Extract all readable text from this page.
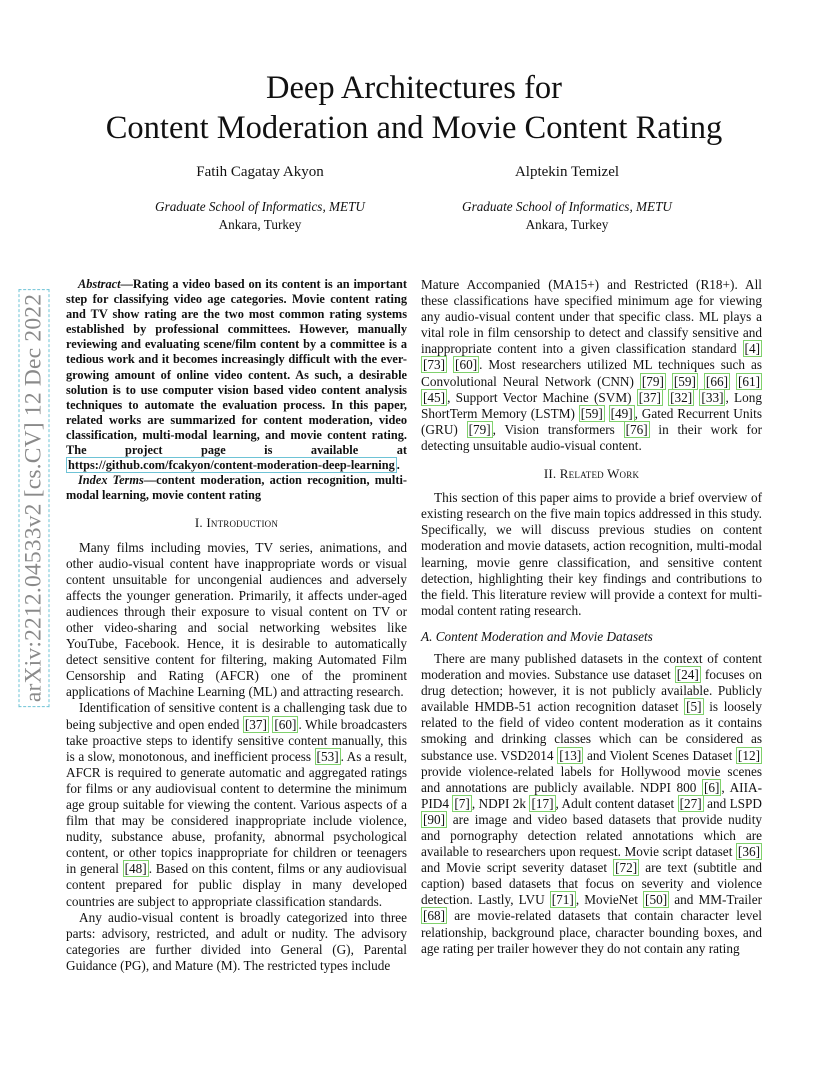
arXiv:2212.04533v2 [cs.CV] 12 Dec 2022
Deep Architectures for
Content Moderation and Movie Content Rating
Fatih Cagatay Akyon
Graduate School of Informatics, METU
Ankara, Turkey
Alptekin Temizel
Graduate School of Informatics, METU
Ankara, Turkey

Abstract—Rating a video based on its content is an important step for classifying video age categories. Movie content rating and TV show rating are the two most common rating systems established by professional committees. However, manually reviewing and evaluating scene/film content by a committee is a tedious work and it becomes increasingly difficult with the ever-growing amount of online video content. As such, a desirable solution is to use computer vision based video content analysis techniques to automate the evaluation process. In this paper, related works are summarized for content moderation, video classification, multi-modal learning, and movie content rating. The project page is available at https://github.com/fcakyon/content-moderation-deep-learning .

Index Terms—content moderation, action recognition, multi-modal learning, movie content rating

I. Introduction

Many films including movies, TV series, animations, and other audio-visual content have inappropriate words or visual content unsuitable for uncongenial audiences and adversely affects the younger generation. Primarily, it affects under-aged audiences through their exposure to visual content on TV or other video-sharing and social networking websites like YouTube, Facebook. Hence, it is desirable to automatically detect sensitive content for filtering, making Automated Film Censorship and Rating (AFCR) one of the prominent applications of Machine Learning (ML) and attracting research.

Identification of sensitive content is a challenging task due to being subjective and open ended [37] [60] . While broadcasters take proactive steps to identify sensitive content manually, this is a slow, monotonous, and inefficient process [53] . As a result, AFCR is required to generate automatic and aggregated ratings for films or any audiovisual content to determine the minimum age group suitable for viewing the content. Various aspects of a film that may be considered inappropriate include violence, nudity, substance abuse, profanity, abnormal psychological content, or other topics inappropriate for children or teenagers in general [48] . Based on this content, films or any audiovisual content prepared for public display in many developed countries are subject to appropriate classification standards.

Any audio-visual content is broadly categorized into three parts: advisory, restricted, and adult or nudity. The advisory categories are further divided into General (G), Parental Guidance (PG), and Mature (M). The restricted types include

Mature Accompanied (MA15+) and Restricted (R18+). All these classifications have specified minimum age for viewing any audio-visual content under that specific class. ML plays a vital role in film censorship to detect and classify sensitive and inappropriate content into a given classification standard [4] [73] [60] . Most researchers utilized ML techniques such as Convolutional Neural Network (CNN) [79] [59] [66] [61] [45] , Support Vector Machine (SVM) [37] [32] [33] , Long ShortTerm Memory (LSTM) [59] [49] , Gated Recurrent Units (GRU) [79] , Vision transformers [76] in their work for detecting unsuitable audio-visual content.

II. Related Work

This section of this paper aims to provide a brief overview of existing research on the five main topics addressed in this study. Specifically, we will discuss previous studies on content moderation and movie datasets, action recognition, multi-modal learning, movie genre classification, and sensitive content detection, highlighting their key findings and contributions to the field. This literature review will provide a context for multi-modal content rating research.

A. Content Moderation and Movie Datasets

There are many published datasets in the context of content moderation and movies. Substance use dataset [24] focuses on drug detection; however, it is not publicly available. Publicly available HMDB-51 action recognition dataset [5] is loosely related to the field of video content moderation as it contains smoking and drinking classes which can be considered as substance use. VSD2014 [13] and Violent Scenes Dataset [12] provide violence-related labels for Hollywood movie scenes and annotations are publicly available. NDPI 800 [6] , AIIA-PID4 [7] , NDPI 2k [17] , Adult content dataset [27] and LSPD [90] are image and video based datasets that provide nudity and pornography detection related annotations which are available to researchers upon request. Movie script dataset [36] and Movie script severity dataset [72] are text (subtitle and caption) based datasets that focus on severity and violence detection. Lastly, LVU [71] , MovieNet [50] and MM-Trailer [68] are movie-related datasets that contain character level relationship, background place, character bounding boxes, and age rating per trailer however they do not contain any rating
